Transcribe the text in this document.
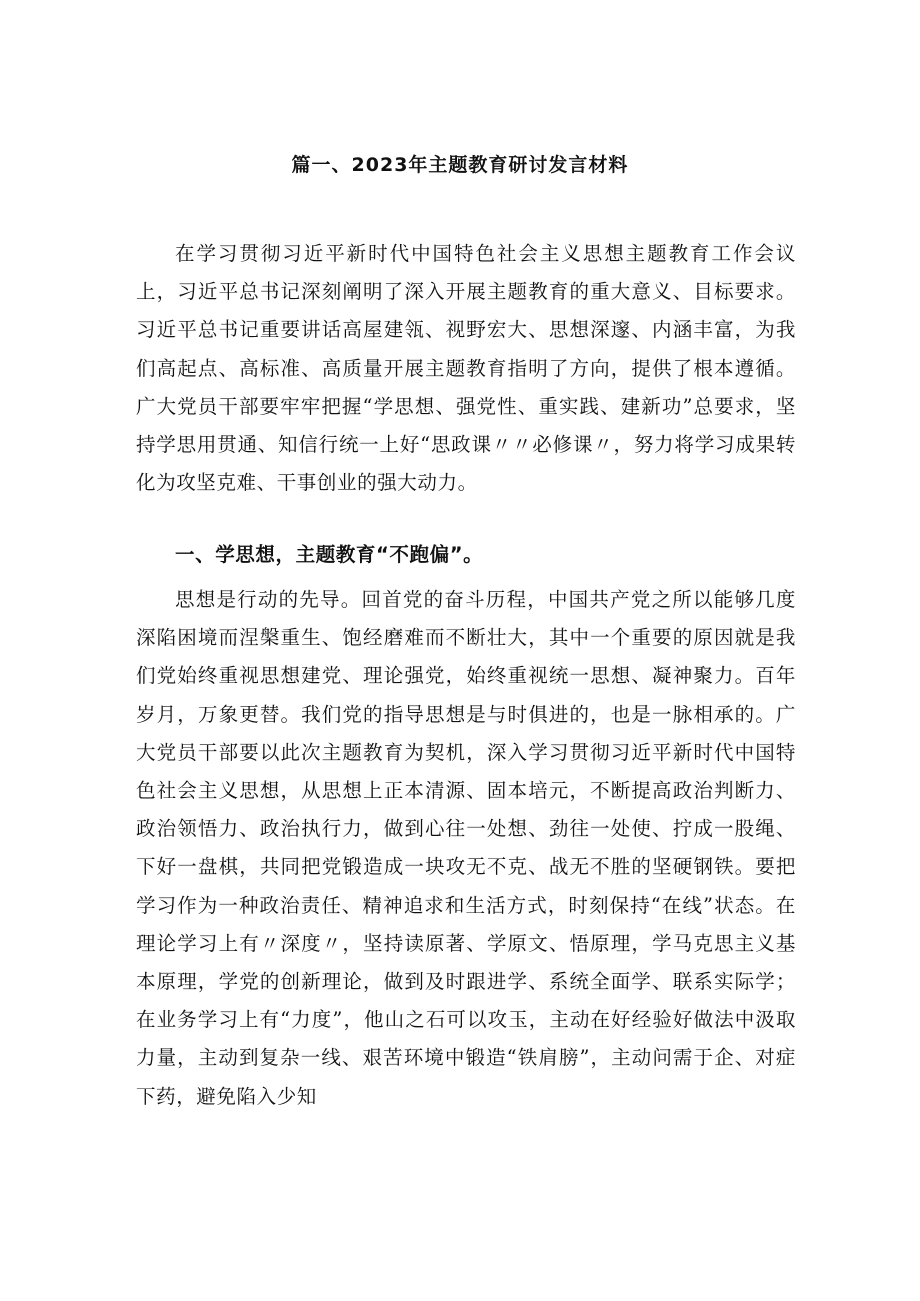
篇一、2023年主题教育研讨发言材料

在学习贯彻习近平新时代中国特色社会主义思想主题教育工作会议上，习近平总书记深刻阐明了深入开展主题教育的重大意义、目标要求。习近平总书记重要讲话高屋建瓴、视野宏大、思想深邃、内涵丰富，为我们高起点、高标准、高质量开展主题教育指明了方向，提供了根本遵循。广大党员干部要牢牢把握“学思想、强党性、重实践、建新功”总要求，坚持学思用贯通、知信行统一上好“思政课〃〃必修课〃，努力将学习成果转化为攻坚克难、干事创业的强大动力。

一、学思想，主题教育“不跑偏”。

思想是行动的先导。回首党的奋斗历程，中国共产党之所以能够几度深陷困境而涅槃重生、饱经磨难而不断壮大，其中一个重要的原因就是我们党始终重视思想建党、理论强党，始终重视统一思想、凝神聚力。百年岁月，万象更替。我们党的指导思想是与时俱进的，也是一脉相承的。广大党员干部要以此次主题教育为契机，深入学习贯彻习近平新时代中国特色社会主义思想，从思想上正本清源、固本培元，不断提高政治判断力、政治领悟力、政治执行力，做到心往一处想、劲往一处使、拧成一股绳、下好一盘棋，共同把党锻造成一块攻无不克、战无不胜的坚硬钢铁。要把学习作为一种政治责任、精神追求和生活方式，时刻保持“在线”状态。在理论学习上有〃深度〃，坚持读原著、学原文、悟原理，学马克思主义基本原理，学党的创新理论，做到及时跟进学、系统全面学、联系实际学；在业务学习上有“力度”，他山之石可以攻玉，主动在好经验好做法中汲取力量，主动到复杂一线、艰苦环境中锻造“铁肩膀”，主动问需于企、对症下药，避免陷入少知
